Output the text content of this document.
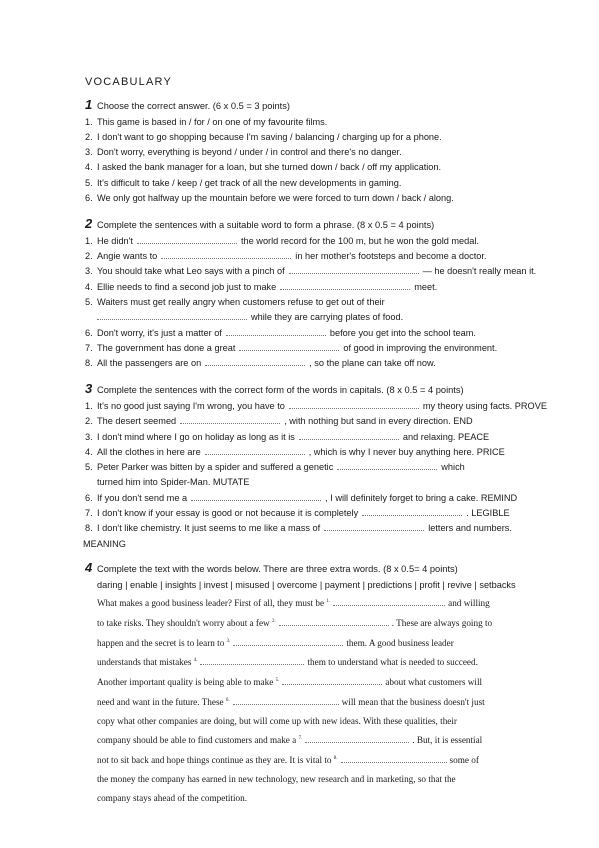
VOCABULARY
1 Choose the correct answer. (6 x 0.5 = 3 points)
1. This game is based in / for / on one of my favourite films.
2. I don't want to go shopping because I'm saving / balancing / charging up for a phone.
3. Don't worry, everything is beyond / under / in control and there's no danger.
4. I asked the bank manager for a loan, but she turned down / back / off my application.
5. It's difficult to take / keep / get track of all the new developments in gaming.
6. We only got halfway up the mountain before we were forced to turn down / back / along.
2 Complete the sentences with a suitable word to form a phrase. (8 x 0.5 = 4 points)
1. He didn't	the world record for the 100 m, but he won the gold medal.
2. Angie wants to	in her mother's footsteps and become a doctor.
3. You should take what Leo says with a pinch of	— he doesn't really mean it.
4. Ellie needs to find a second job just to make	meet.
5. Waiters must get really angry when customers refuse to get out of their
while they are carrying plates of food.
6. Don't worry, it's just a matter of	before you get into the school team.
7. The government has done a great	of good in improving the environment.
8. All the passengers are on	, so the plane can take off now.
3 Complete the sentences with the correct form of the words in capitals. (8 x 0.5 = 4 points)
1. It's no good just saying I'm wrong, you have to	my theory using facts. PROVE
2. The desert seemed	, with nothing but sand in every direction. END
3. I don't mind where I go on holiday as long as it is	and relaxing. PEACE
4. All the clothes in here are	, which is why I never buy anything here. PRICE
5. Peter Parker was bitten by a spider and suffered a genetic	which
turned him into Spider-Man. MUTATE
6. If you don't send me a	, I will definitely forget to bring a cake. REMIND
7. I don't know if your essay is good or not because it is completely	. LEGIBLE
8. I don't like chemistry. It just seems to me like a mass of	letters and numbers.
MEANING
4 Complete the text with the words below. There are three extra words. (8 x 0.5= 4 points)
daring | enable | insights | invest | misused | overcome | payment | predictions | profit | revive | setbacks
What makes a good business leader? First of all, they must be $^{1.}$	and willing
to take risks. They shouldn't worry about a few $^{2.}$	. These are always going to
happen and the secret is to learn to $^{3.}$	them. A good business leader
understands that mistakes $^{4.}$	them to understand what is needed to succeed.
Another important quality is being able to make $^{5.}$	about what customers will
need and want in the future. These $^{6.}$	will mean that the business doesn't just
copy what other companies are doing, but will come up with new ideas. With these qualities, their
company should be able to find customers and make a $^{7.}$	. But, it is essential
not to sit back and hope things continue as they are. It is vital to $^{8.}$	some of
the money the company has earned in new technology, new research and in marketing, so that the
company stays ahead of the competition.
